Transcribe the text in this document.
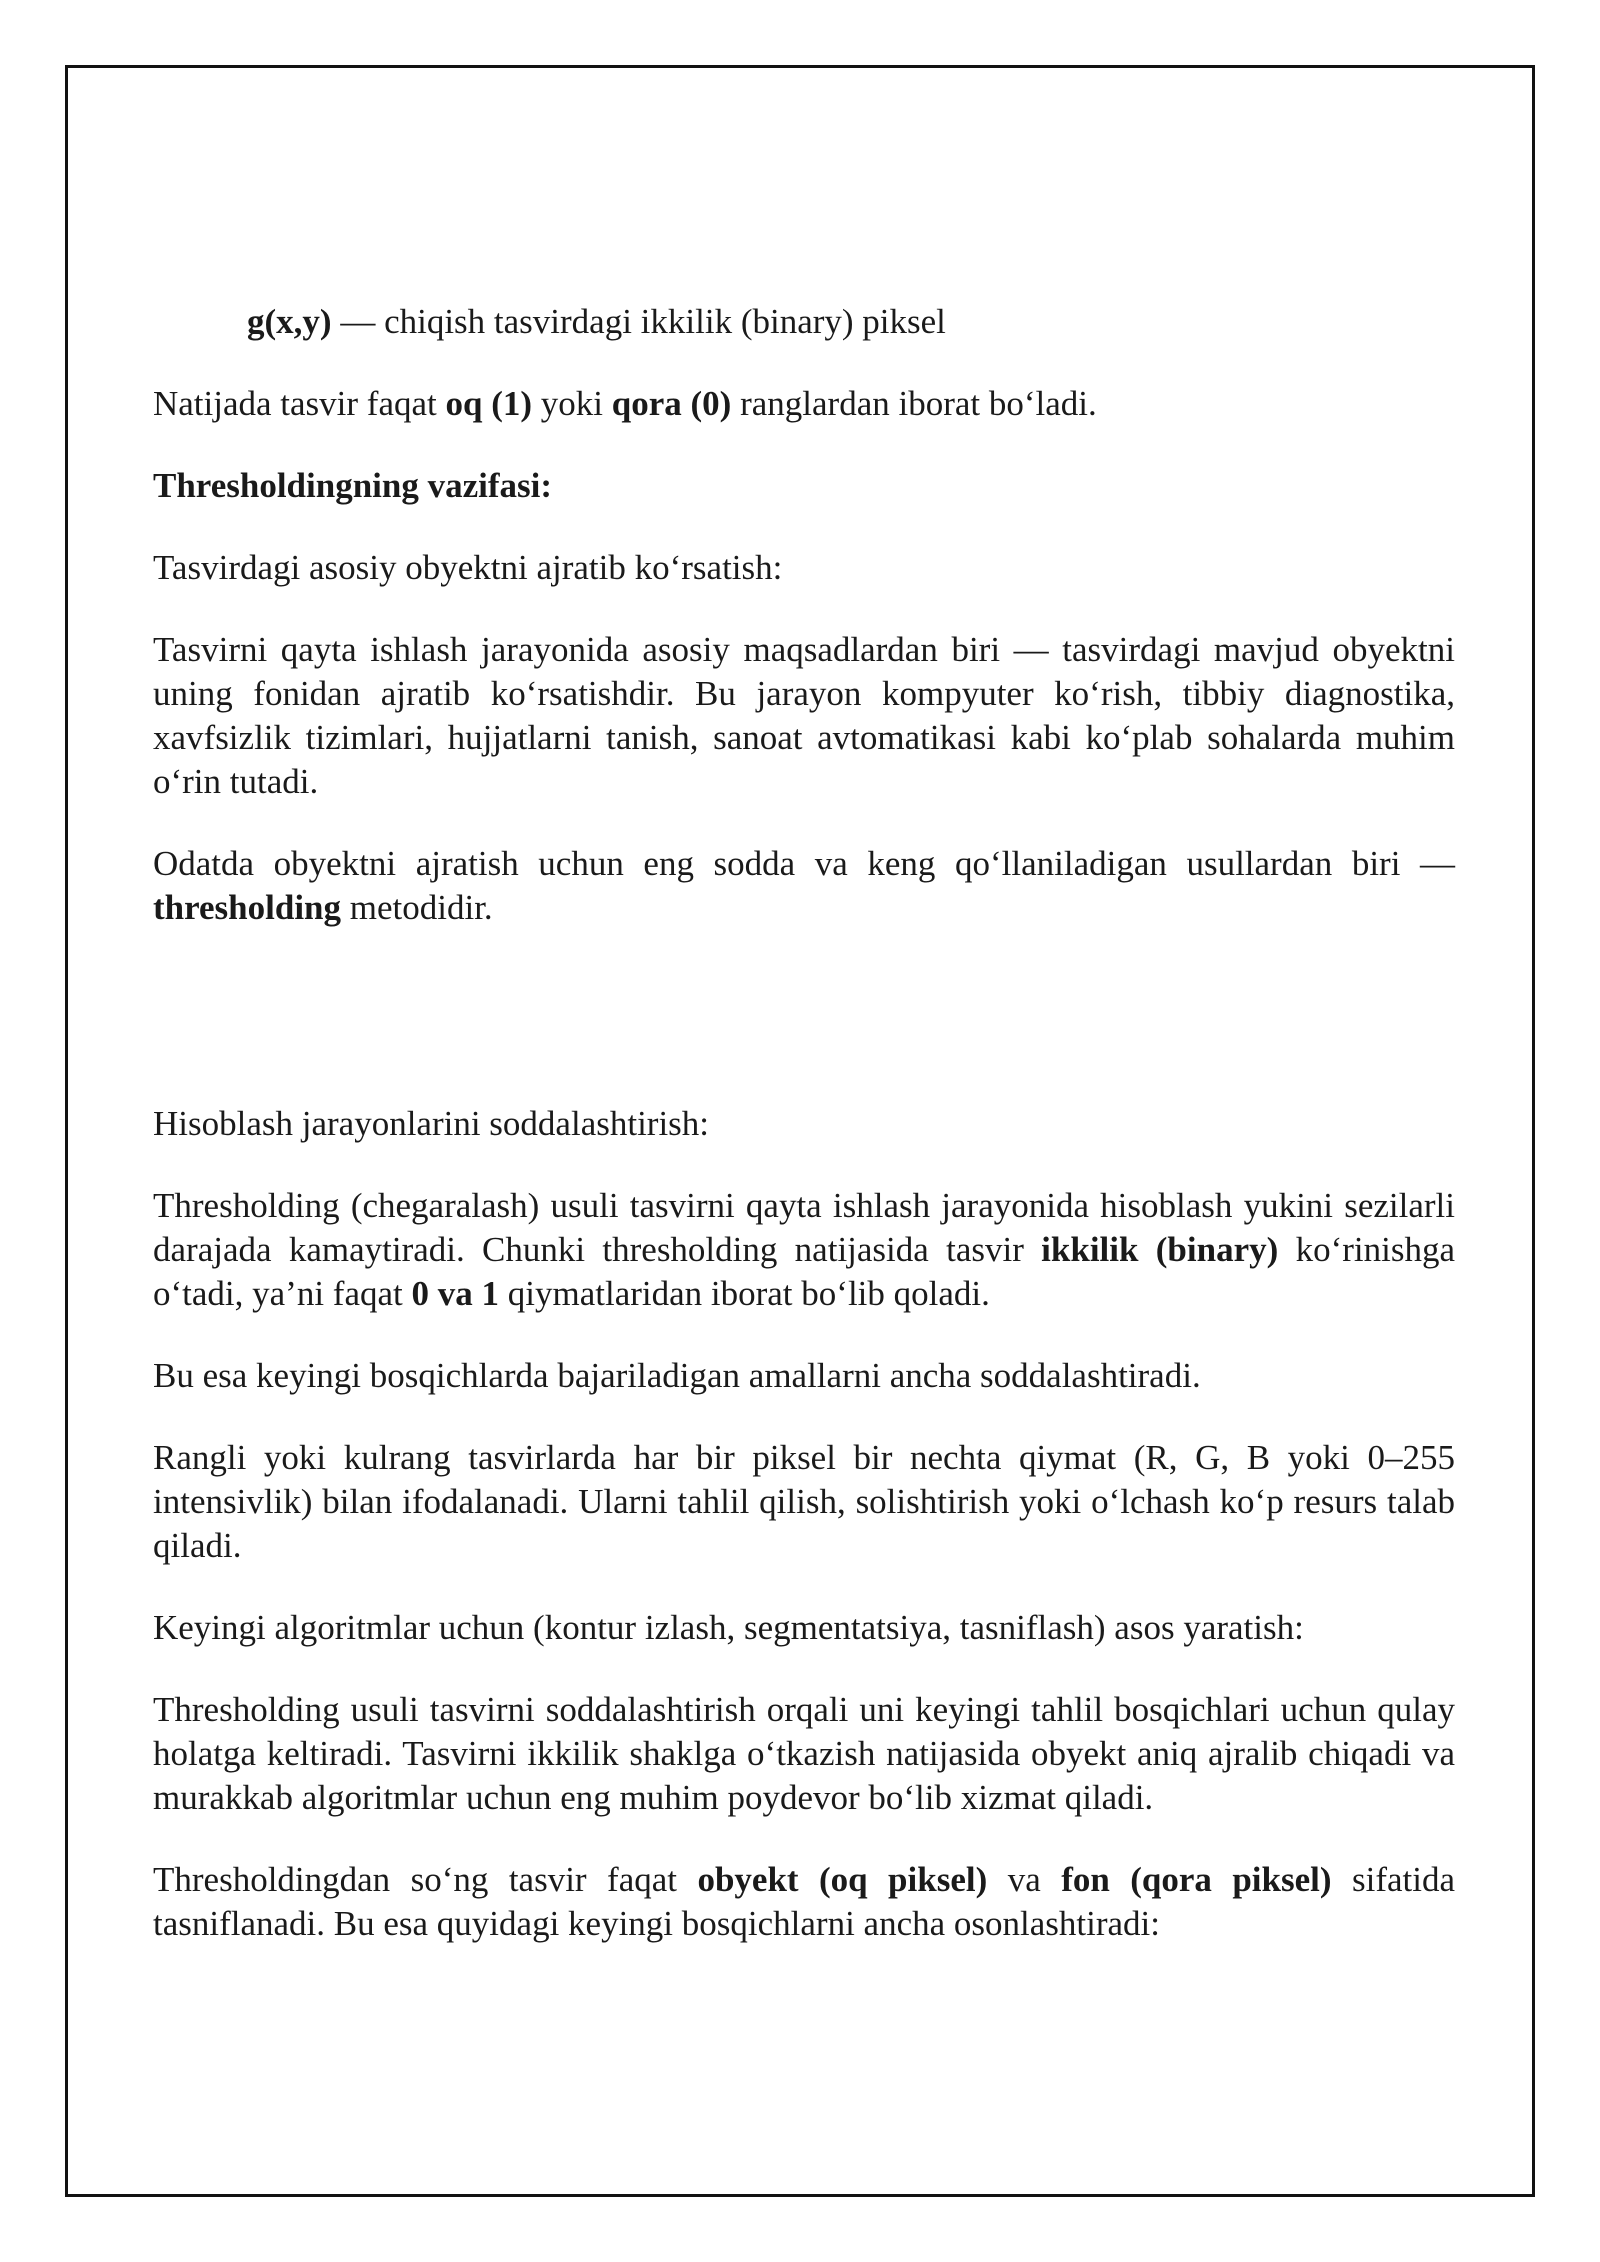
g(x,y) — chiqish tasvirdagi ikkilik (binary) piksel

Natijada tasvir faqat oq (1) yoki qora (0) ranglardan iborat bo‘ladi.

Thresholdingning vazifasi:

Tasvirdagi asosiy obyektni ajratib ko‘rsatish:

Tasvirni qayta ishlash jarayonida asosiy maqsadlardan biri — tasvirdagi mavjud obyektni uning fonidan ajratib ko‘rsatishdir. Bu jarayon kompyuter ko‘rish, tibbiy diagnostika, xavfsizlik tizimlari, hujjatlarni tanish, sanoat avtomatikasi kabi ko‘plab sohalarda muhim o‘rin tutadi.

Odatda obyektni ajratish uchun eng sodda va keng qo‘llaniladigan usullardan biri — thresholding metodidir.

Hisoblash jarayonlarini soddalashtirish:

Thresholding (chegaralash) usuli tasvirni qayta ishlash jarayonida hisoblash yukini sezilarli darajada kamaytiradi. Chunki thresholding natijasida tasvir ikkilik (binary) ko‘rinishga o‘tadi, ya’ni faqat 0 va 1 qiymatlaridan iborat bo‘lib qoladi.

Bu esa keyingi bosqichlarda bajariladigan amallarni ancha soddalashtiradi.

Rangli yoki kulrang tasvirlarda har bir piksel bir nechta qiymat (R, G, B yoki 0–255 intensivlik) bilan ifodalanadi. Ularni tahlil qilish, solishtirish yoki o‘lchash ko‘p resurs talab qiladi.

Keyingi algoritmlar uchun (kontur izlash, segmentatsiya, tasniflash) asos yaratish:

Thresholding usuli tasvirni soddalashtirish orqali uni keyingi tahlil bosqichlari uchun qulay holatga keltiradi. Tasvirni ikkilik shaklga o‘tkazish natijasida obyekt aniq ajralib chiqadi va murakkab algoritmlar uchun eng muhim poydevor bo‘lib xizmat qiladi.

Thresholdingdan so‘ng tasvir faqat obyekt (oq piksel) va fon (qora piksel) sifatida tasniflanadi. Bu esa quyidagi keyingi bosqichlarni ancha osonlashtiradi:
